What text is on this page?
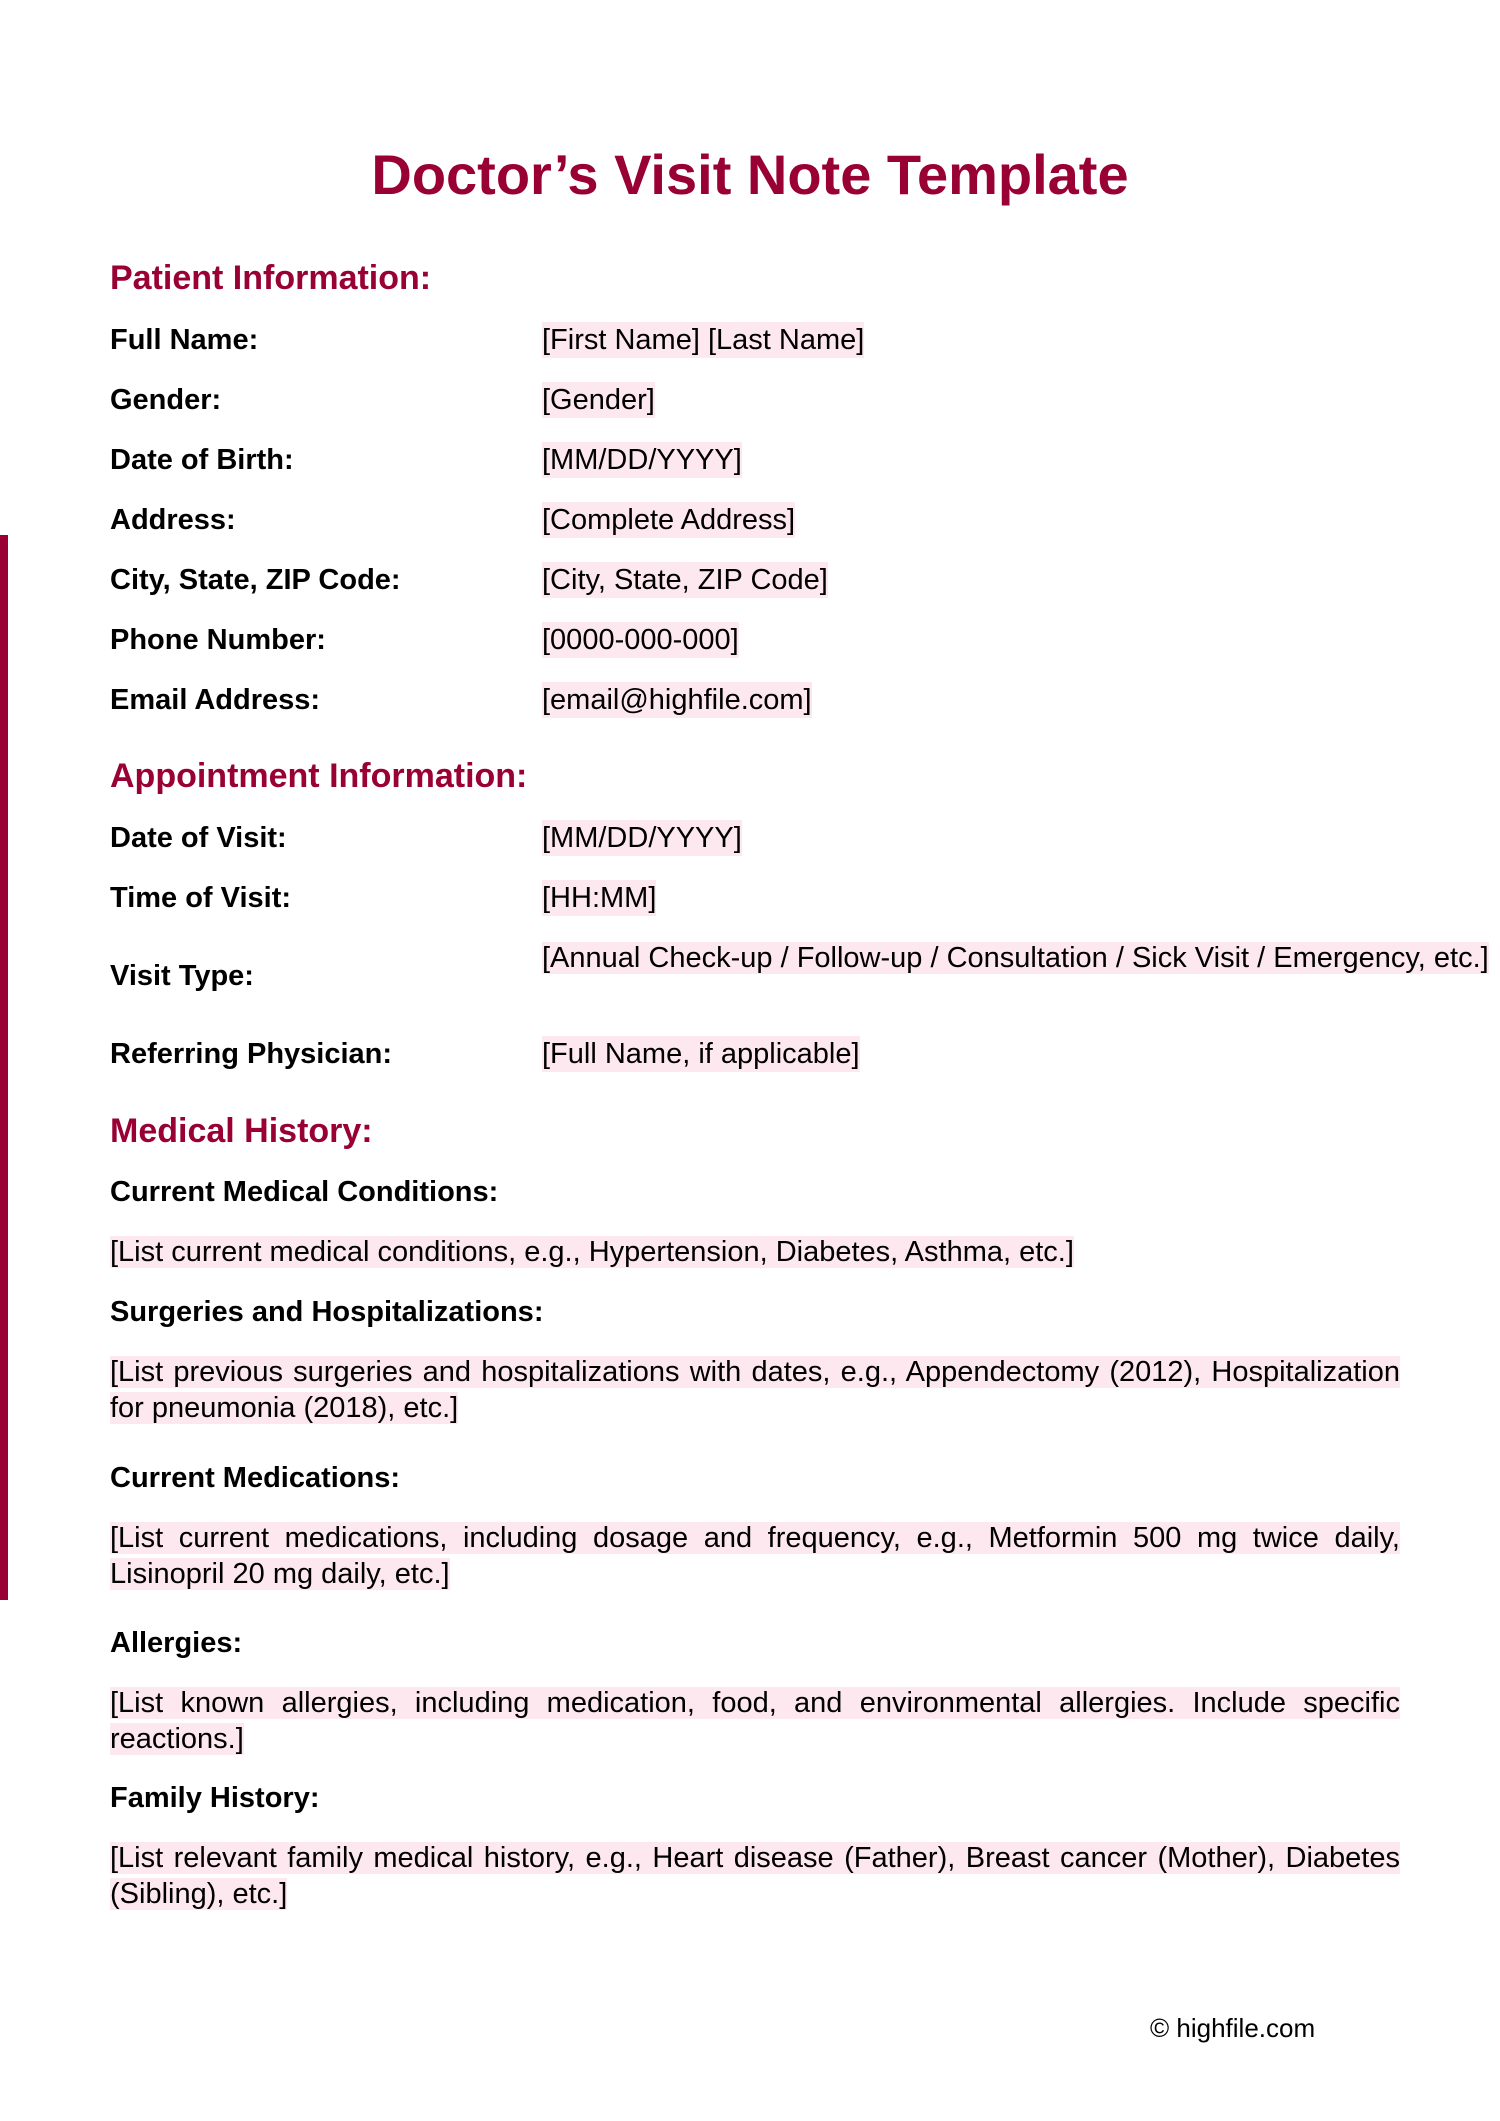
Doctor’s Visit Note Template
Patient Information:
Full Name:	[First Name] [Last Name]
Gender:	[Gender]
Date of Birth:	[MM/DD/YYYY]
Address:	[Complete Address]
City, State, ZIP Code:	[City, State, ZIP Code]
Phone Number:	[0000-000-000]
Email Address:	[email@highfile.com]
Appointment Information:
Date of Visit:	[MM/DD/YYYY]
Time of Visit:	[HH:MM]
Visit Type:
[Annual Check-up / Follow-up / Consultation / Sick Visit / Emergency, etc.]
Referring Physician:	[Full Name, if applicable]
Medical History:

Current Medical Conditions:

[List current medical conditions, e.g., Hypertension, Diabetes, Asthma, etc.]

Surgeries and Hospitalizations:

[List previous surgeries and hospitalizations with dates, e.g., Appendectomy (2012), Hospitalization for pneumonia (2018), etc.]

Current Medications:

[List current medications, including dosage and frequency, e.g., Metformin 500 mg twice daily, Lisinopril 20 mg daily, etc.]

Allergies:

[List known allergies, including medication, food, and environmental allergies. Include specific reactions.]

Family History:

[List relevant family medical history, e.g., Heart disease (Father), Breast cancer (Mother), Diabetes (Sibling), etc.]

© highfile.com
